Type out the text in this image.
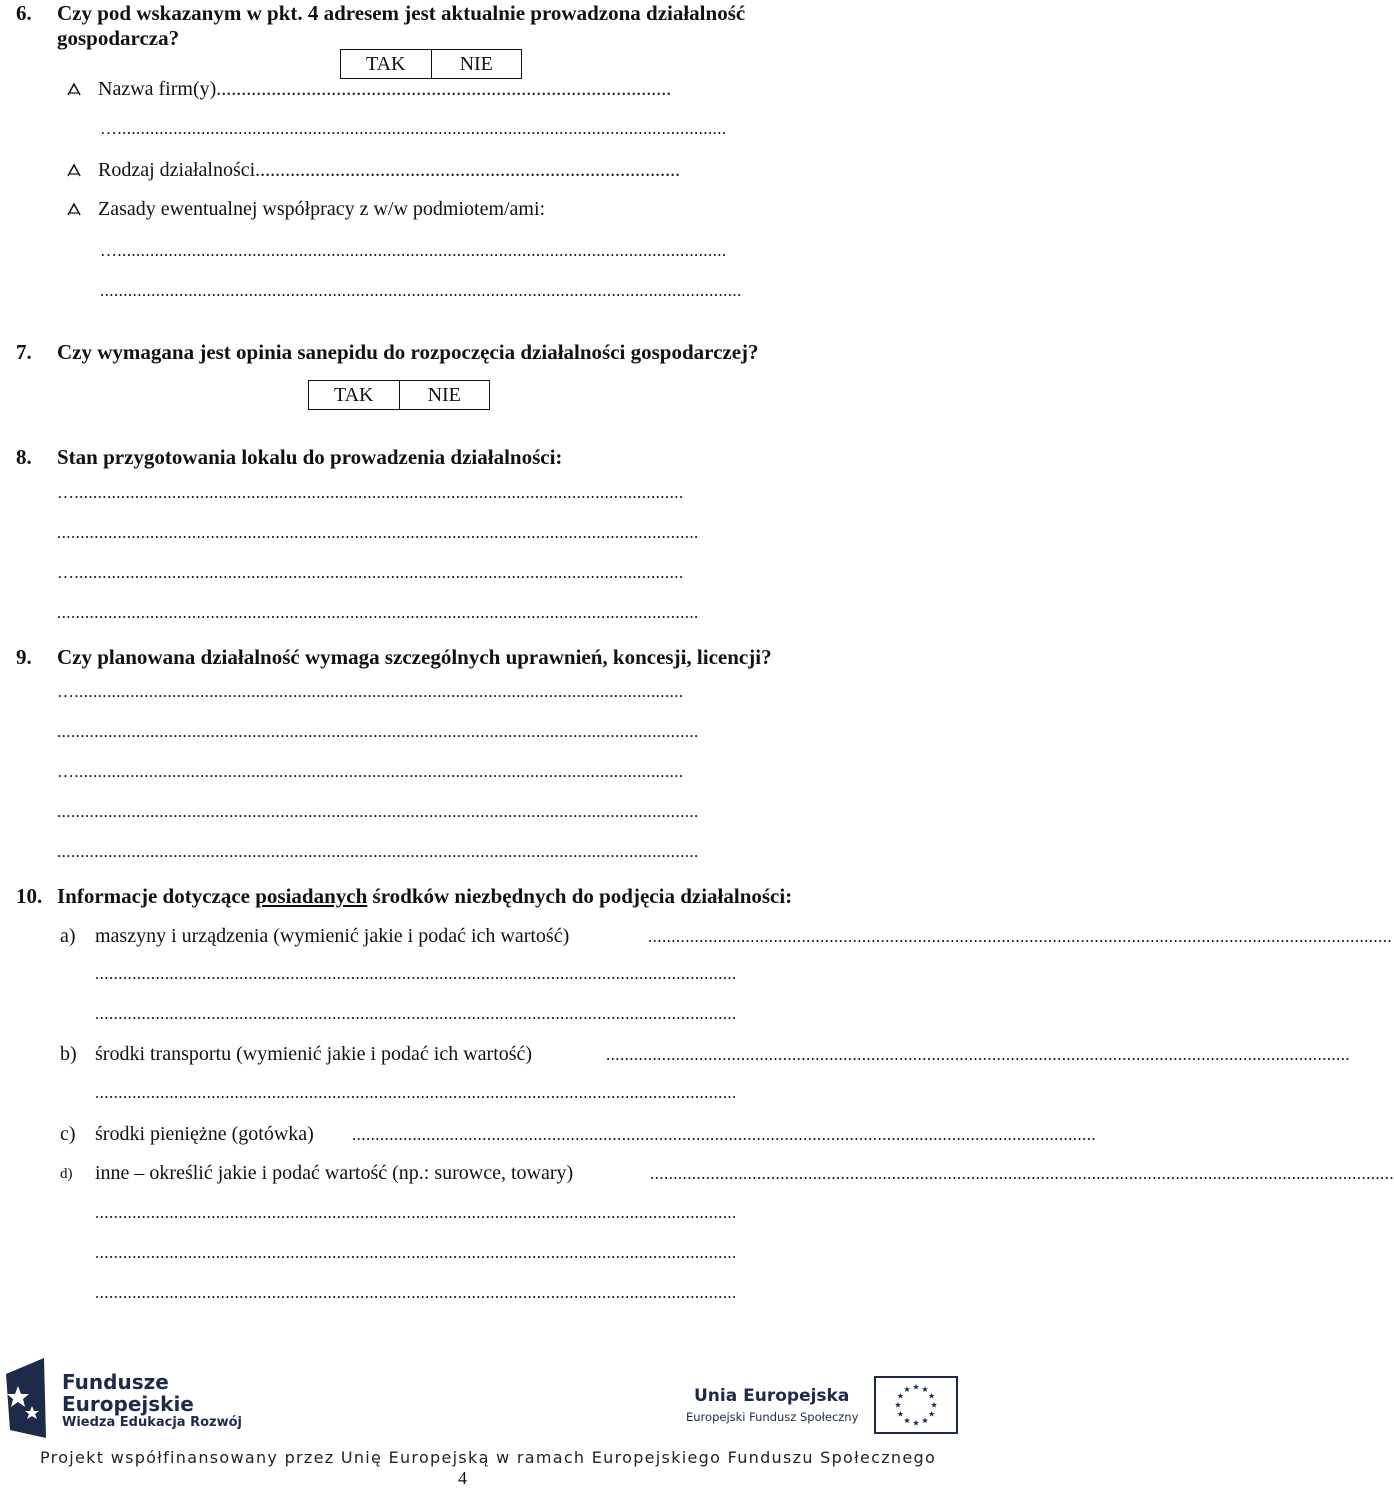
6. Czy pod wskazanym w pkt. 4 adresem jest aktualnie prowadzona działalność
gospodarcza?
TAK	NIE
Nazwa firm(y)...........................................................................................
…...................................................................................................................................
Rodzaj działalności.....................................................................................
Zasady ewentualnej współpracy z w/w podmiotem/ami:
…...................................................................................................................................
..........................................................................................................................................
7. Czy wymagana jest opinia sanepidu do rozpoczęcia działalności gospodarczej?
TAK	NIE
8. Stan przygotowania lokalu do prowadzenia działalności:
…...................................................................................................................................
..........................................................................................................................................
…...................................................................................................................................
..........................................................................................................................................
9. Czy planowana działalność wymaga szczególnych uprawnień, koncesji, licencji?
…...................................................................................................................................
..........................................................................................................................................
…...................................................................................................................................
..........................................................................................................................................
..........................................................................................................................................
10. Informacje dotyczące posiadanych środków niezbędnych do podjęcia działalności:
a) maszyny i urządzenia (wymienić jakie i podać ich wartość)	................................................................................................................................................................
..........................................................................................................................................
..........................................................................................................................................
b) środki transportu (wymienić jakie i podać ich wartość)	................................................................................................................................................................
..........................................................................................................................................
c) środki pieniężne (gotówka) ................................................................................................................................................................
d) inne – określić jakie i podać wartość (np.: surowce, towary)	................................................................................................................................................................
..........................................................................................................................................
..........................................................................................................................................
..........................................................................................................................................
Fundusze
Europejskie
Wiedza Edukacja Rozwój
Unia Europejska
Europejski Fundusz Społeczny
Projekt współfinansowany przez Unię Europejską w ramach Europejskiego Funduszu Społecznego
4
